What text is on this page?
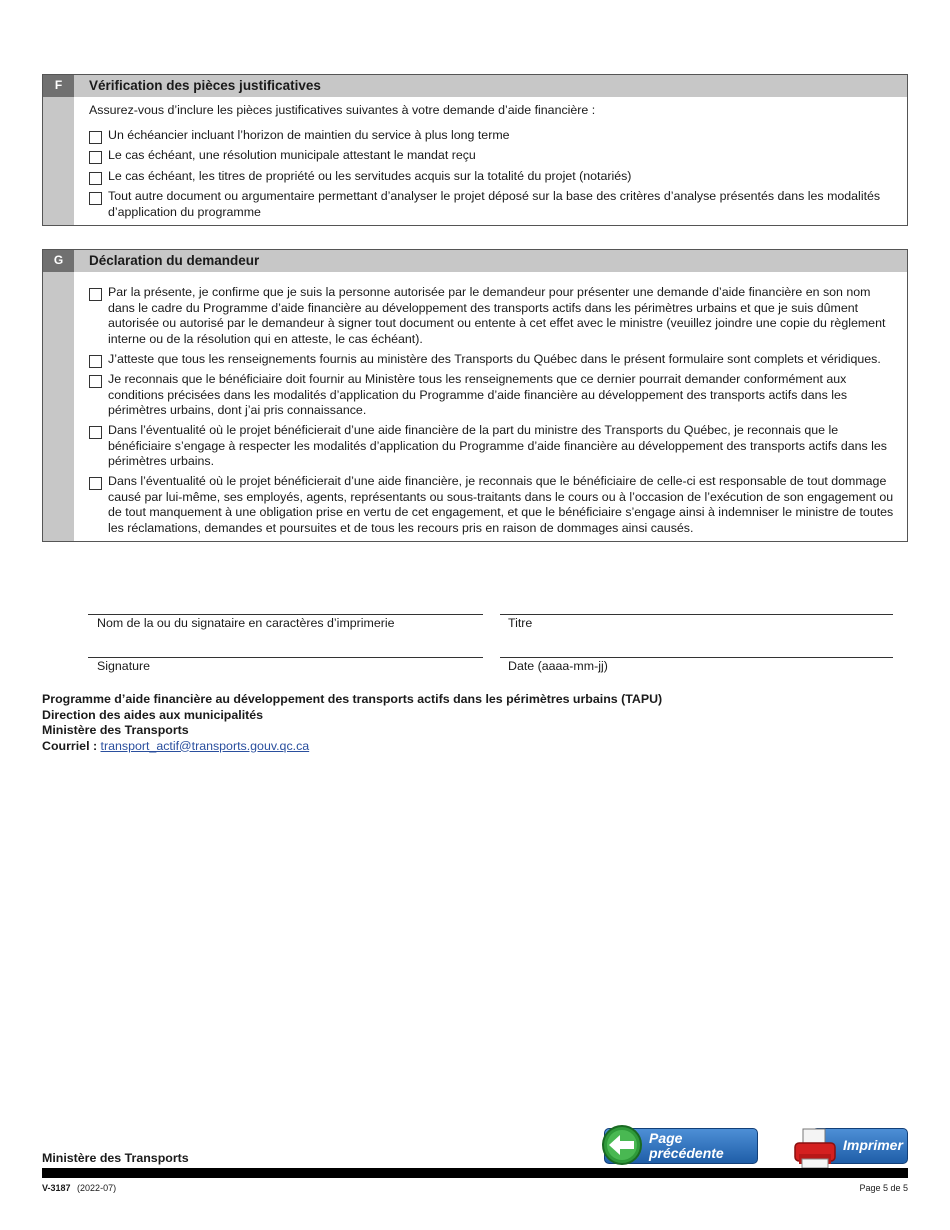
F	Vérification des pièces justificatives
Assurez-vous d’inclure les pièces justificatives suivantes à votre demande d’aide financière :
Un échéancier incluant l’horizon de maintien du service à plus long terme
Le cas échéant, une résolution municipale attestant le mandat reçu
Le cas échéant, les titres de propriété ou les servitudes acquis sur la totalité du projet (notariés)
Tout autre document ou argumentaire permettant d’analyser le projet déposé sur la base des critères d’analyse présentés dans les modalités d’application du programme
G	Déclaration du demandeur
Par la présente, je confirme que je suis la personne autorisée par le demandeur pour présenter une demande d’aide financière en son nom dans le cadre du Programme d’aide financière au développement des transports actifs dans les périmètres urbains et que je suis dûment autorisée ou autorisé par le demandeur à signer tout document ou entente à cet effet avec le ministre (veuillez joindre une copie du règlement interne ou de la résolution qui en atteste, le cas échéant).
J’atteste que tous les renseignements fournis au ministère des Transports du Québec dans le présent formulaire sont complets et véridiques.
Je reconnais que le bénéficiaire doit fournir au Ministère tous les renseignements que ce dernier pourrait demander conformément aux conditions précisées dans les modalités d’application du Programme d’aide financière au développement des transports actifs dans les périmètres urbains, dont j’ai pris connaissance.
Dans l’éventualité où le projet bénéficierait d’une aide financière de la part du ministre des Transports du Québec, je reconnais que le bénéficiaire s’engage à respecter les modalités d’application du Programme d’aide financière au développement des transports actifs dans les périmètres urbains.
Dans l’éventualité où le projet bénéficierait d’une aide financière, je reconnais que le bénéficiaire de celle-ci est responsable de tout dommage causé par lui-même, ses employés, agents, représentants ou sous-traitants dans le cours ou à l’occasion de l’exécution de son engagement ou de tout manquement à une obligation prise en vertu de cet engagement, et que le bénéficiaire s’engage ainsi à indemniser le ministre de toutes les réclamations, demandes et poursuites et de tous les recours pris en raison de dommages ainsi causés.
Nom de la ou du signataire en caractères d’imprimerie	Titre
Signature	Date (aaaa-mm-jj)
Programme d’aide financière au développement des transports actifs dans les périmètres urbains (TAPU)
Direction des aides aux municipalités
Ministère des Transports
Courriel : transport_actif@transports.gouv.qc.ca
Page précédente	Imprimer
Ministère des Transports
V-3187 (2022-07)	Page 5 de 5
